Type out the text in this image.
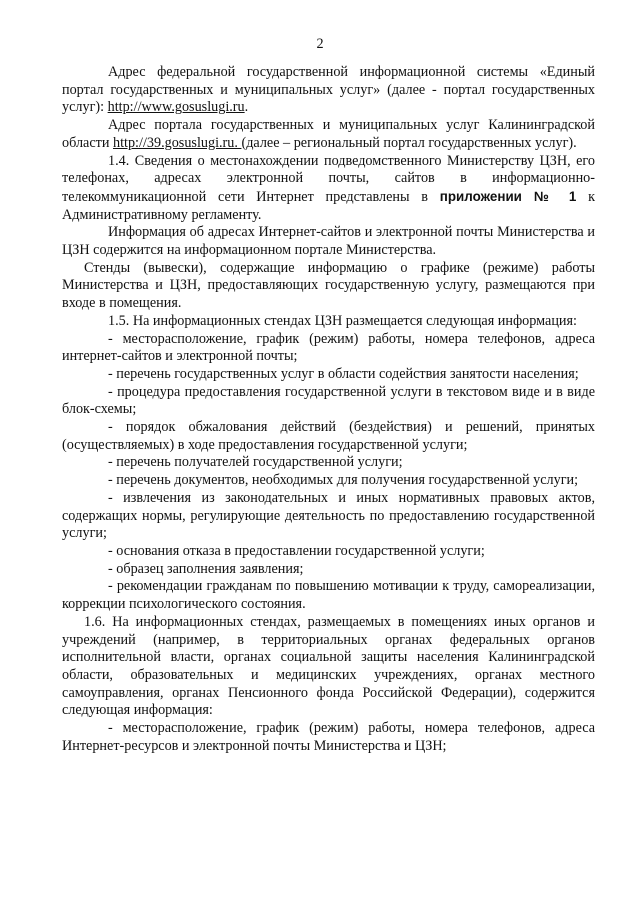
2

Адрес федеральной государственной информационной системы «Единый портал государственных и муниципальных услуг» (далее - портал государственных услуг): http://www.gosuslugi.ru.

Адрес портала государственных и муниципальных услуг Калининградской области http://39.gosuslugi.ru. (далее – региональный портал государственных услуг).

1.4. Сведения о местонахождении подведомственного Министерству ЦЗН, его телефонах, адресах электронной почты, сайтов в информационно-телекоммуникационной сети Интернет представлены в приложении № 1 к Административному регламенту.

Информация об адресах Интернет-сайтов и электронной почты Министерства и ЦЗН содержится на информационном портале Министерства.

Стенды (вывески), содержащие информацию о графике (режиме) работы Министерства и ЦЗН, предоставляющих государственную услугу, размещаются при входе в помещения.

1.5. На информационных стендах ЦЗН размещается следующая информация:

- месторасположение, график (режим) работы, номера телефонов, адреса интернет-сайтов и электронной почты;

- перечень государственных услуг в области содействия занятости населения;

- процедура предоставления государственной услуги в текстовом виде и в виде блок-схемы;

- порядок обжалования действий (бездействия) и решений, принятых (осуществляемых) в ходе предоставления государственной услуги;

- перечень получателей государственной услуги;

- перечень документов, необходимых для получения государственной услуги;

- извлечения из законодательных и иных нормативных правовых актов, содержащих нормы, регулирующие деятельность по предоставлению государственной услуги;

- основания отказа в предоставлении государственной услуги;

- образец заполнения заявления;

- рекомендации гражданам по повышению мотивации к труду, самореализации, коррекции психологического состояния.

1.6. На информационных стендах, размещаемых в помещениях иных органов и учреждений (например, в территориальных органах федеральных органов исполнительной власти, органах социальной защиты населения Калининградской области, образовательных и медицинских учреждениях, органах местного самоуправления, органах Пенсионного фонда Российской Федерации), содержится следующая информация:

- месторасположение, график (режим) работы, номера телефонов, адреса Интернет-ресурсов и электронной почты Министерства и ЦЗН;
